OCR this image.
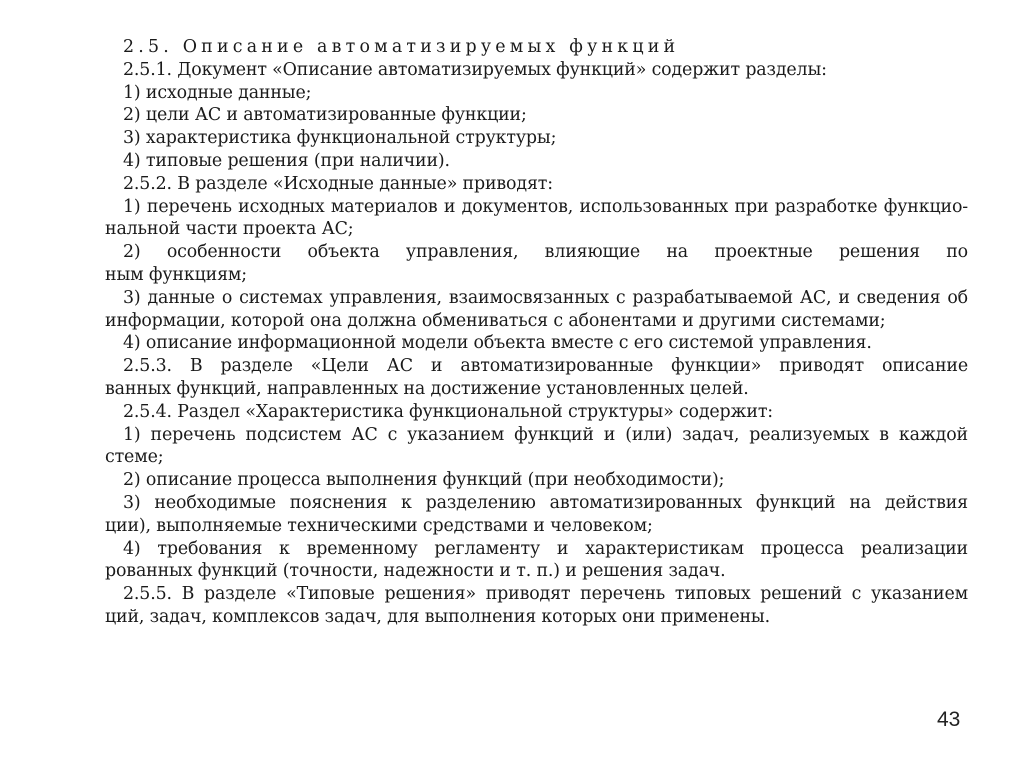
2.5. Описание автоматизируемых функций
2.5.1. Документ «Описание автоматизируемых функций» содержит разделы:
1) исходные данные;
2) цели АС и автоматизированные функции;
3) характеристика функциональной структуры;
4) типовые решения (при наличии).
2.5.2. В разделе «Исходные данные» приводят:
1) перечень исходных материалов и документов, использованных при разработке функцио-
нальной части проекта АС;
2) особенности объекта управления, влияющие на проектные решения по
ным функциям;
3) данные о системах управления, взаимосвязанных с разрабатываемой АС, и сведения об
информации, которой она должна обмениваться с абонентами и другими системами;
4) описание информационной модели объекта вместе с его системой управления.
2.5.3. В разделе «Цели АС и автоматизированные функции» приводят описание
ванных функций, направленных на достижение установленных целей.
2.5.4. Раздел «Характеристика функциональной структуры» содержит:
1) перечень подсистем АС с указанием функций и (или) задач, реализуемых в каждой
стеме;
2) описание процесса выполнения функций (при необходимости);
3) необходимые пояснения к разделению автоматизированных функций на действия
ции), выполняемые техническими средствами и человеком;
4) требования к временному регламенту и характеристикам процесса реализации
рованных функций (точности, надежности и т. п.) и решения задач.
2.5.5. В разделе «Типовые решения» приводят перечень типовых решений с указанием
ций, задач, комплексов задач, для выполнения которых они применены.
43
